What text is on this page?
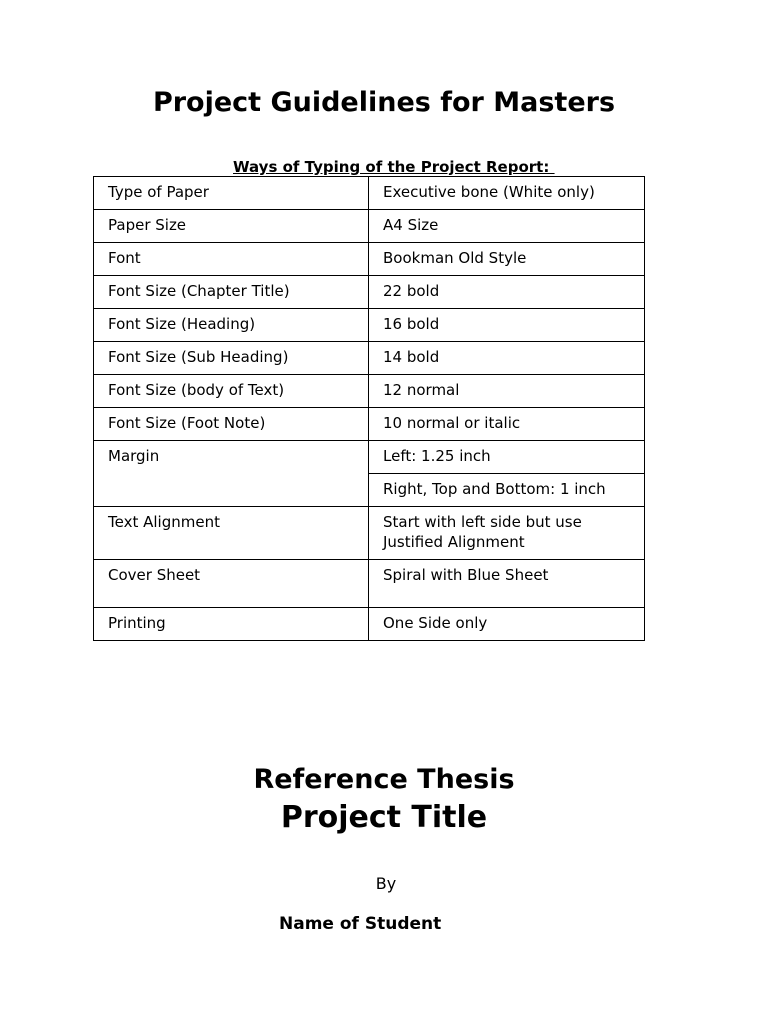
Project Guidelines for Masters
Ways of Typing of the Project Report:
Type of Paper	Executive bone (White only)
Paper Size	A4 Size
Font	Bookman Old Style
Font Size (Chapter Title)	22 bold
Font Size (Heading)	16 bold
Font Size (Sub Heading)	14 bold
Font Size (body of Text)	12 normal
Font Size (Foot Note)	10 normal or italic
Margin	Left: 1.25 inch
	Right, Top and Bottom: 1 inch
Text Alignment	Start with left side but use Justified Alignment
Cover Sheet	Spiral with Blue Sheet
Printing	One Side only
Reference Thesis
Project Title
By
Name of Student
